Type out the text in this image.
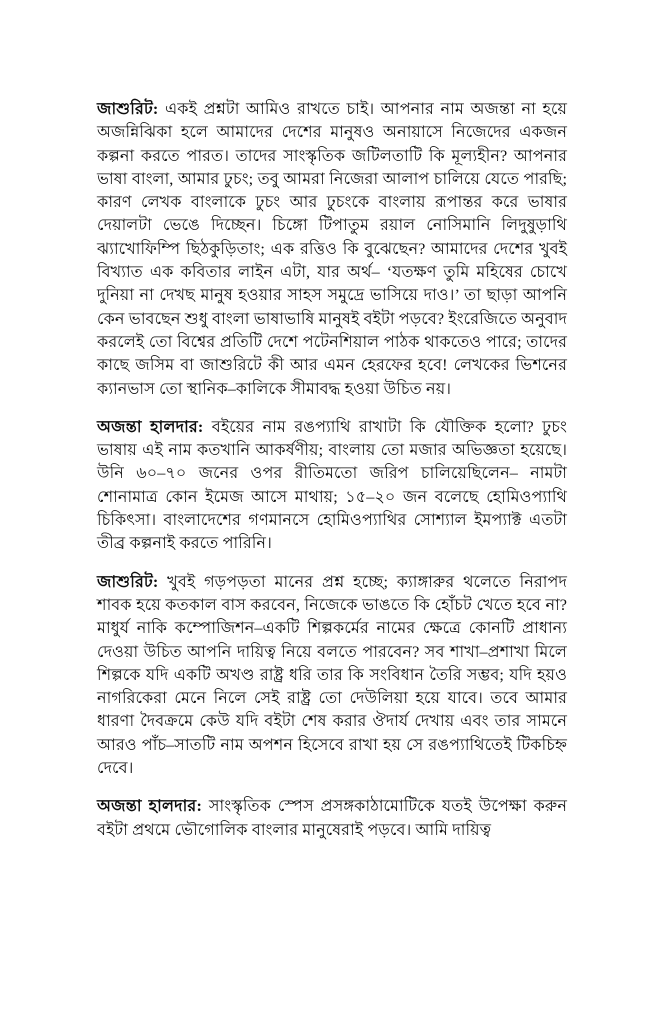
জাশুরিট: একই প্রশ্নটা আমিও রাখতে চাই। আপনার নাম অজন্তা না হয়ে অজন্নিঝিকা হলে আমাদের দেশের মানুষও অনায়াসে নিজেদের একজন কল্পনা করতে পারত। তাদের সাংস্কৃতিক জটিলতাটি কি মূল্যহীন? আপনার ভাষা বাংলা, আমার ঢুচং; তবু আমরা নিজেরা আলাপ চালিয়ে যেতে পারছি; কারণ লেখক বাংলাকে ঢুচং আর ঢুচংকে বাংলায় রূপান্তর করে ভাষার দেয়ালটা ভেঙে দিচ্ছেন। চিঙ্গো টিপাতুম রয়াল নোসিমানি লিদুষুড়াথি ঝ্যাখোফিম্পি ছিঠকুড়িতাং; এক রত্তিও কি বুঝেছেন? আমাদের দেশের খুবই বিখ্যাত এক কবিতার লাইন এটা, যার অর্থ– ‘যতক্ষণ তুমি মহিষের চোখে দুনিয়া না দেখছ মানুষ হওয়ার সাহস সমুদ্রে ভাসিয়ে দাও।’ তা ছাড়া আপনি কেন ভাবছেন শুধু বাংলা ভাষাভাষি মানুষই বইটা পড়বে? ইংরেজিতে অনুবাদ করলেই তো বিশ্বের প্রতিটি দেশে পটেনশিয়াল পাঠক থাকতেও পারে; তাদের কাছে জসিম বা জাশুরিটে কী আর এমন হেরফের হবে! লেখকের ভিশনের ক্যানভাস তো স্থানিক–কালিকে সীমাবদ্ধ হওয়া উচিত নয়।

অজন্তা হালদার: বইয়ের নাম রঙপ্যাথি রাখাটা কি যৌক্তিক হলো? ঢুচং ভাষায় এই নাম কতখানি আকর্ষণীয়; বাংলায় তো মজার অভিজ্ঞতা হয়েছে। উনি ৬০–৭০ জনের ওপর রীতিমতো জরিপ চালিয়েছিলেন– নামটা শোনামাত্র কোন ইমেজ আসে মাথায়; ১৫–২০ জন বলেছে হোমিওপ্যাথি চিকিৎসা। বাংলাদেশের গণমানসে হোমিওপ্যাথির সোশ্যাল ইমপ্যাক্ট এতটা তীব্র কল্পনাই করতে পারিনি।

জাশুরিট: খুবই গড়পড়তা মানের প্রশ্ন হচ্ছে; ক্যাঙ্গারুর থলেতে নিরাপদ শাবক হয়ে কতকাল বাস করবেন, নিজেকে ভাঙতে কি হোঁচট খেতে হবে না? মাধুর্য নাকি কম্পোজিশন–একটি শিল্পকর্মের নামের ক্ষেত্রে কোনটি প্রাধান্য দেওয়া উচিত আপনি দায়িত্ব নিয়ে বলতে পারবেন? সব শাখা–প্রশাখা মিলে শিল্পকে যদি একটি অখণ্ড রাষ্ট্র ধরি তার কি সংবিধান তৈরি সম্ভব; যদি হয়ও নাগরিকেরা মেনে নিলে সেই রাষ্ট্র তো দেউলিয়া হয়ে যাবে। তবে আমার ধারণা দৈবক্রমে কেউ যদি বইটা শেষ করার ঔদার্য দেখায় এবং তার সামনে আরও পাঁচ–সাতটি নাম অপশন হিসেবে রাখা হয় সে রঙপ্যাথিতেই টিকচিহ্ন দেবে।

অজন্তা হালদার: সাংস্কৃতিক স্পেস প্রসঙ্গকাঠামোটিকে যতই উপেক্ষা করুন বইটা প্রথমে ভৌগোলিক বাংলার মানুষেরাই পড়বে। আমি দায়িত্ব
